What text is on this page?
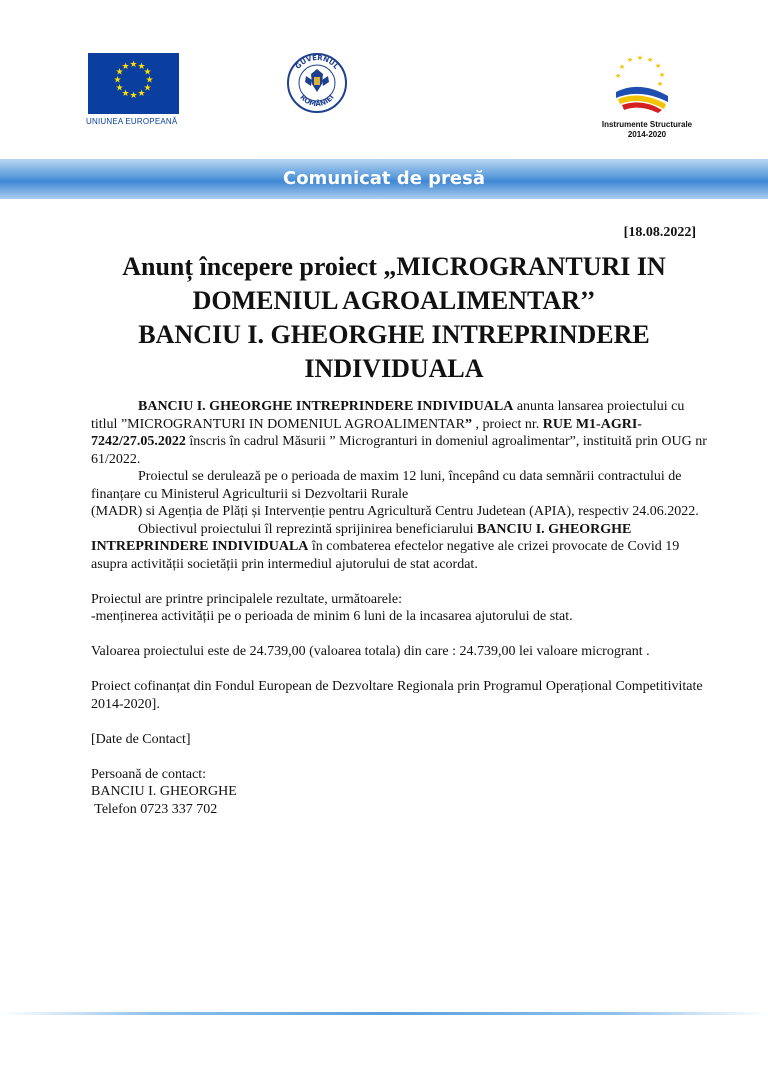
★ ★
★
★
★
★
★
★
★
★
★
★
UNIUNEA EUROPEANĂ
GUVERNUL
ROMÂNIEI
★ ★
★
★
★
★
★
★
Instrumente Structurale
2014-2020
Comunicat de presă
[18.08.2022]
Anunț începere proiect „MICROGRANTURI IN
DOMENIUL AGROALIMENTAR’’
BANCIU I. GHEORGHE INTREPRINDERE
INDIVIDUALA

BANCIU I. GHEORGHE INTREPRINDERE INDIVIDUALA anunta lansarea proiectului cu titlul ”MICROGRANTURI IN DOMENIUL AGROALIMENTAR” , proiect nr. RUE M1-AGRI-7242/27.05.2022 înscris în cadrul Măsurii ” Microgranturi in domeniul agroalimentar”, instituită prin OUG nr 61/2022.

Proiectul se derulează pe o perioada de maxim 12 luni, începând cu data semnării contractului de finanțare cu Ministerul Agriculturii si Dezvoltarii Rurale

(MADR) si Agenția de Plăți și Intervenție pentru Agricultură Centru Judetean (APIA), respectiv 24.06.2022.

Obiectivul proiectului îl reprezintă sprijinirea beneficiarului BANCIU I. GHEORGHE INTREPRINDERE INDIVIDUALA în combaterea efectelor negative ale crizei provocate de Covid 19 asupra activității societății prin intermediul ajutorului de stat acordat.

Proiectul are printre principalele rezultate, următoarele:

-menținerea activității pe o perioada de minim 6 luni de la incasarea ajutorului de stat.

Valoarea proiectului este de 24.739,00 (valoarea totala) din care : 24.739,00 lei valoare microgrant .

Proiect cofinanțat din Fondul European de Dezvoltare Regionala prin Programul Operațional Competitivitate 2014-2020].

[Date de Contact]

Persoană de contact:

BANCIU I. GHEORGHE

Telefon 0723 337 702
